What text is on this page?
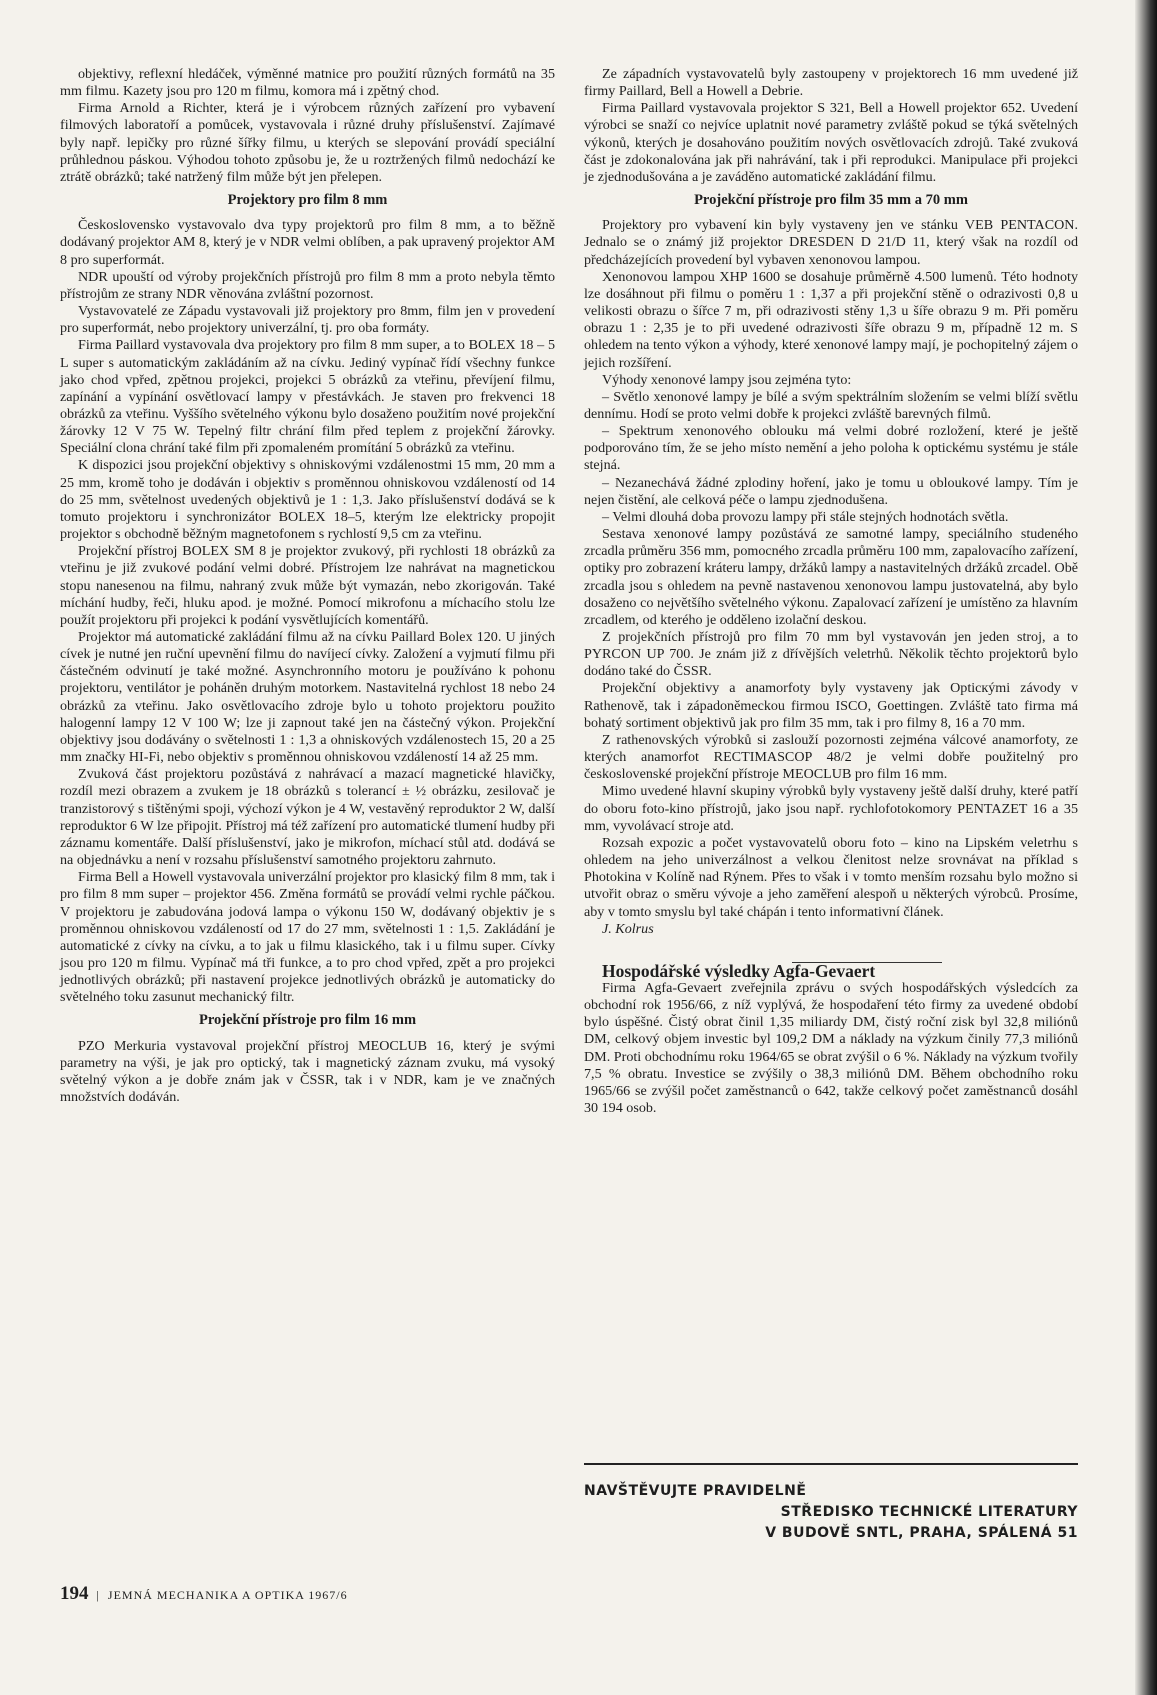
objektivy, reflexní hledáček, výměnné matnice pro použití různých formátů na 35 mm filmu. Kazety jsou pro 120 m filmu, komora má i zpětný chod.

Firma Arnold a Richter, která je i výrobcem různých zařízení pro vybavení filmových laboratoří a pomůcek, vystavovala i různé druhy příslušenství. Zajímavé byly např. lepičky pro různé šířky filmu, u kterých se slepování provádí speciální průhlednou páskou. Výhodou tohoto způsobu je, že u roztržených filmů nedochází ke ztrátě obrázků; také natržený film může být jen přelepen.

Projektory pro film 8 mm

Československo vystavovalo dva typy projektorů pro film 8 mm, a to běžně dodávaný projektor AM 8, který je v NDR velmi oblíben, a pak upravený projektor AM 8 pro superformát.

NDR upouští od výroby projekčních přístrojů pro film 8 mm a proto nebyla těmto přístrojům ze strany NDR věnována zvláštní pozornost.

Vystavovatelé ze Západu vystavovali již projektory pro 8mm, film jen v provedení pro superformát, nebo projektory univerzální, tj. pro oba formáty.

Firma Paillard vystavovala dva projektory pro film 8 mm super, a to BOLEX 18 – 5 L super s automatickým zakládáním až na cívku. Jediný vypínač řídí všechny funkce jako chod vpřed, zpětnou projekci, projekci 5 obrázků za vteřinu, převíjení filmu, zapínání a vypínání osvětlovací lampy v přestávkách. Je staven pro frekvenci 18 obrázků za vteřinu. Vyššího světelného výkonu bylo dosaženo použitím nové projekční žárovky 12 V 75 W. Tepelný filtr chrání film před teplem z projekční žárovky. Speciální clona chrání také film při zpomaleném promítání 5 obrázků za vteřinu.

K dispozici jsou projekční objektivy s ohniskovými vzdálenostmi 15 mm, 20 mm a 25 mm, kromě toho je dodáván i objektiv s proměnnou ohniskovou vzdáleností od 14 do 25 mm, světelnost uvedených objektivů je 1 : 1,3. Jako příslušenství dodává se k tomuto projektoru i synchronizátor BOLEX 18–5, kterým lze elektricky propojit projektor s obchodně běžným magnetofonem s rychlostí 9,5 cm za vteřinu.

Projekční přístroj BOLEX SM 8 je projektor zvukový, při rychlosti 18 obrázků za vteřinu je již zvukové podání velmi dobré. Přístrojem lze nahrávat na magnetickou stopu nanesenou na filmu, nahraný zvuk může být vymazán, nebo zkorigován. Také míchání hudby, řeči, hluku apod. je možné. Pomocí mikrofonu a míchacího stolu lze použít projektoru při projekci k podání vysvětlujících komentářů.

Projektor má automatické zakládání filmu až na cívku Paillard Bolex 120. U jiných cívek je nutné jen ruční upevnění filmu do navíjecí cívky. Založení a vyjmutí filmu při částečném odvinutí je také možné. Asynchronního motoru je používáno k pohonu projektoru, ventilátor je poháněn druhým motorkem. Nastavitelná rychlost 18 nebo 24 obrázků za vteřinu. Jako osvětlovacího zdroje bylo u tohoto projektoru použito halogenní lampy 12 V 100 W; lze ji zapnout také jen na částečný výkon. Projekční objektivy jsou dodávány o světelnosti 1 : 1,3 a ohniskových vzdálenostech 15, 20 a 25 mm značky HI-Fi, nebo objektiv s proměnnou ohniskovou vzdáleností 14 až 25 mm.

Zvuková část projektoru pozůstává z nahrávací a mazací magnetické hlavičky, rozdíl mezi obrazem a zvukem je 18 obrázků s tolerancí ± ½ obrázku, zesilovač je tranzistorový s tištěnými spoji, výchozí výkon je 4 W, vestavěný reproduktor 2 W, další reproduktor 6 W lze připojit. Přístroj má též zařízení pro automatické tlumení hudby při záznamu komentáře. Další příslušenství, jako je mikrofon, míchací stůl atd. dodává se na objednávku a není v rozsahu příslušenství samotného projektoru zahrnuto.

Firma Bell a Howell vystavovala univerzální projektor pro klasický film 8 mm, tak i pro film 8 mm super – projektor 456. Změna formátů se provádí velmi rychle páčkou. V projektoru je zabudována jodová lampa o výkonu 150 W, dodávaný objektiv je s proměnnou ohniskovou vzdáleností od 17 do 27 mm, světelnosti 1 : 1,5. Zakládání je automatické z cívky na cívku, a to jak u filmu klasického, tak i u filmu super. Cívky jsou pro 120 m filmu. Vypínač má tři funkce, a to pro chod vpřed, zpět a pro projekci jednotlivých obrázků; při nastavení projekce jednotlivých obrázků je automaticky do světelného toku zasunut mechanický filtr.

Projekční přístroje pro film 16 mm

PZO Merkuria vystavoval projekční přístroj MEOCLUB 16, který je svými parametry na výši, je jak pro optický, tak i magnetický záznam zvuku, má vysoký světelný výkon a je dobře znám jak v ČSSR, tak i v NDR, kam je ve značných množstvích dodáván.

Ze západních vystavovatelů byly zastoupeny v projektorech 16 mm uvedené již firmy Paillard, Bell a Howell a Debrie.

Firma Paillard vystavovala projektor S 321, Bell a Howell projektor 652. Uvedení výrobci se snaží co nejvíce uplatnit nové parametry zvláště pokud se týká světelných výkonů, kterých je dosahováno použitím nových osvětlovacích zdrojů. Také zvuková část je zdokonalována jak při nahrávání, tak i při reprodukci. Manipulace při projekci je zjednodušována a je zaváděno automatické zakládání filmu.

Projekční přístroje pro film 35 mm a 70 mm

Projektory pro vybavení kin byly vystaveny jen ve stánku VEB PENTACON. Jednalo se o známý již projektor DRESDEN D 21/D 11, který však na rozdíl od předcházejících provedení byl vybaven xenonovou lampou.

Xenonovou lampou XHP 1600 se dosahuje průměrně 4.500 lumenů. Této hodnoty lze dosáhnout při filmu o poměru 1 : 1,37 a při projekční stěně o odrazivosti 0,8 u velikosti obrazu o šířce 7 m, při odrazivosti stěny 1,3 u šíře obrazu 9 m. Při poměru obrazu 1 : 2,35 je to při uvedené odrazivosti šíře obrazu 9 m, případně 12 m. S ohledem na tento výkon a výhody, které xenonové lampy mají, je pochopitelný zájem o jejich rozšíření.

Výhody xenonové lampy jsou zejména tyto:

– Světlo xenonové lampy je bílé a svým spektrálním složením se velmi blíží světlu dennímu. Hodí se proto velmi dobře k projekci zvláště barevných filmů.

– Spektrum xenonového oblouku má velmi dobré rozložení, které je ještě podporováno tím, že se jeho místo nemění a jeho poloha k optickému systému je stále stejná.

– Nezanechává žádné zplodiny hoření, jako je tomu u obloukové lampy. Tím je nejen čistění, ale celková péče o lampu zjednodušena.

– Velmi dlouhá doba provozu lampy při stále stejných hodnotách světla.

Sestava xenonové lampy pozůstává ze samotné lampy, speciálního studeného zrcadla průměru 356 mm, pomocného zrcadla průměru 100 mm, zapalovacího zařízení, optiky pro zobrazení kráteru lampy, držáků lampy a nastavitelných držáků zrcadel. Obě zrcadla jsou s ohledem na pevně nastavenou xenonovou lampu justovatelná, aby bylo dosaženo co největšího světelného výkonu. Zapalovací zařízení je umístěno za hlavním zrcadlem, od kterého je odděleno izolační deskou.

Z projekčních přístrojů pro film 70 mm byl vystavován jen jeden stroj, a to PYRCON UP 700. Je znám již z dřívějších veletrhů. Několik těchto projektorů bylo dodáno také do ČSSR.

Projekční objektivy a anamorfoty byly vystaveny jak Opticкými závody v Rathenově, tak i západoněmeckou firmou ISCO, Goettingen. Zvláště tato firma má bohatý sortiment objektivů jak pro film 35 mm, tak i pro filmy 8, 16 a 70 mm.

Z rathenovských výrobků si zaslouží pozornosti zejména válcové anamorfoty, ze kterých anamorfot RECTIMASCOP 48/2 je velmi dobře použitelný pro československé projekční přístroje MEOCLUB pro film 16 mm.

Mimo uvedené hlavní skupiny výrobků byly vystaveny ještě další druhy, které patří do oboru foto-kino přístrojů, jako jsou např. rychlofotokomory PENTAZET 16 a 35 mm, vyvolávací stroje atd.

Rozsah expozic a počet vystavovatelů oboru foto – kino na Lipském veletrhu s ohledem na jeho univerzálnost a velkou členitost nelze srovnávat na příklad s Photokina v Kolíně nad Rýnem. Přes to však i v tomto menším rozsahu bylo možno si utvořit obraz o směru vývoje a jeho zaměření alespoň u některých výrobců. Prosíme, aby v tomto smyslu byl také chápán i tento informativní článek.

J. Kolrus

Hospodářské výsledky Agfa-Gevaert

Firma Agfa-Gevaert zveřejnila zprávu o svých hospodářských výsledcích za obchodní rok 1956/66, z níž vyplývá, že hospodaření této firmy za uvedené období bylo úspěšné. Čistý obrat činil 1,35 miliardy DM, čistý roční zisk byl 32,8 miliónů DM, celkový objem investic byl 109,2 DM a náklady na výzkum činily 77,3 miliónů DM. Proti obchodnímu roku 1964/65 se obrat zvýšil o 6 %. Náklady na výzkum tvořily 7,5 % obratu. Investice se zvýšily o 38,3 miliónů DM. Během obchodního roku 1965/66 se zvýšil počet zaměstnanců o 642, takže celkový počet zaměstnanců dosáhl 30 194 osob.

NAVŠTĚVUJTE PRAVIDELNĚ
STŘEDISKO TECHNICKÉ LITERATURY
V BUDOVĚ SNTL, PRAHA, SPÁLENÁ 51
194 | JEMNÁ MECHANIKA A OPTIKA 1967/6
